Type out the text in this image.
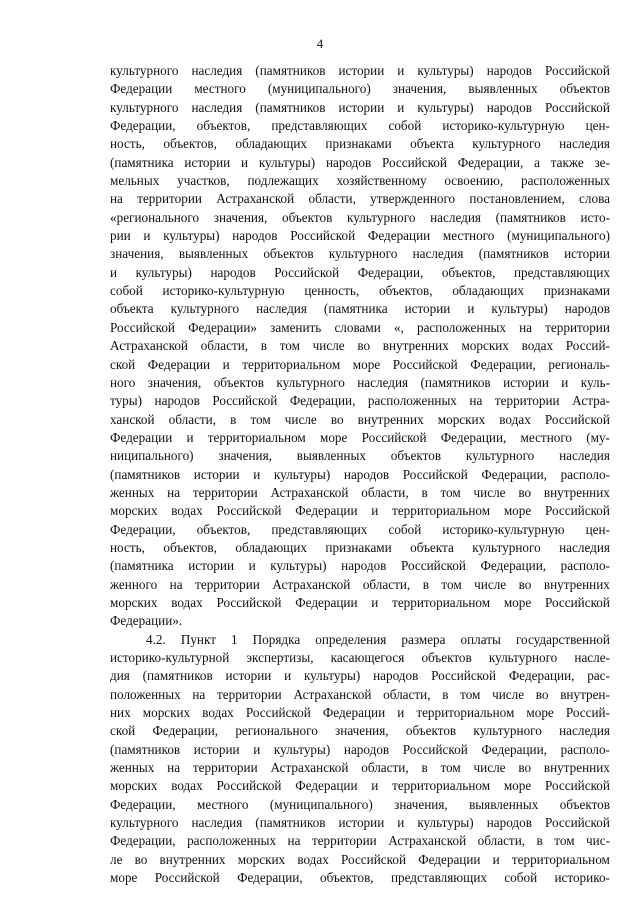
4
культурного наследия (памятников истории и культуры) народов Российской
Федерации местного (муниципального) значения, выявленных объектов
культурного наследия (памятников истории и культуры) народов Российской
Федерации, объектов, представляющих собой историко-культурную цен-
ность, объектов, обладающих признаками объекта культурного наследия
(памятника истории и культуры) народов Российской Федерации, а также зе-
мельных участков, подлежащих хозяйственному освоению, расположенных
на территории Астраханской области, утвержденного постановлением, слова
«регионального значения, объектов культурного наследия (памятников исто-
рии и культуры) народов Российской Федерации местного (муниципального)
значения, выявленных объектов культурного наследия (памятников истории
и культуры) народов Российской Федерации, объектов, представляющих
собой историко-культурную ценность, объектов, обладающих признаками
объекта культурного наследия (памятника истории и культуры) народов
Российской Федерации» заменить словами «, расположенных на территории
Астраханской области, в том числе во внутренних морских водах Россий-
ской Федерации и территориальном море Российской Федерации, региональ-
ного значения, объектов культурного наследия (памятников истории и куль-
туры) народов Российской Федерации, расположенных на территории Астра-
ханской области, в том числе во внутренних морских водах Российской
Федерации и территориальном море Российской Федерации, местного (му-
ниципального) значения, выявленных объектов культурного наследия
(памятников истории и культуры) народов Российской Федерации, располо-
женных на территории Астраханской области, в том числе во внутренних
морских водах Российской Федерации и территориальном море Российской
Федерации, объектов, представляющих собой историко-культурную цен-
ность, объектов, обладающих признаками объекта культурного наследия
(памятника истории и культуры) народов Российской Федерации, располо-
женного на территории Астраханской области, в том числе во внутренних
морских водах Российской Федерации и территориальном море Российской
Федерации».
4.2. Пункт 1 Порядка определения размера оплаты государственной
историко-культурной экспертизы, касающегося объектов культурного насле-
дия (памятников истории и культуры) народов Российской Федерации, рас-
положенных на территории Астраханской области, в том числе во внутрен-
них морских водах Российской Федерации и территориальном море Россий-
ской Федерации, регионального значения, объектов культурного наследия
(памятников истории и культуры) народов Российской Федерации, располо-
женных на территории Астраханской области, в том числе во внутренних
морских водах Российской Федерации и территориальном море Российской
Федерации, местного (муниципального) значения, выявленных объектов
культурного наследия (памятников истории и культуры) народов Российской
Федерации, расположенных на территории Астраханской области, в том чис-
ле во внутренних морских водах Российской Федерации и территориальном
море Российской Федерации, объектов, представляющих собой историко-
